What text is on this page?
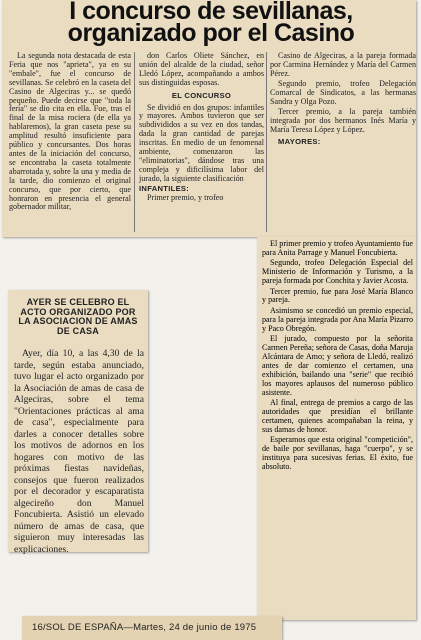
I concurso de sevillanas, organizado por el Casino

La segunda nota destacada de esta Feria que nos "aprieta", ya en su "embale", fue el concurso de sevillanas. Se celebró en la caseta del Casino de Algeciras y... se quedó pequeño. Puede decirse que "toda la feria" se dio cita en ella. Fue, tras el final de la misa rociera (de ella ya hablaremos), la gran caseta pese su amplitud resultó insuficiente para público y concursantes. Dos horas antes de la iniciación del concurso, se encontraba la caseta totalmente abarrotada y, sobre la una y media de la tarde, dio comienzo el original concurso, que por cierto, que honraron en presencia el general gobernador militar,

don Carlos Oliete Sánchez, en unión del alcalde de la ciudad, señor Lledó López, acompañando a ambos sus distinguidas esposas.

EL CONCURSO

Se dividió en dos grupos: infantiles y mayores. Ambos tuvieron que ser subdivididos a su vez en dos tandas, dada la gran cantidad de parejas inscritas. En medio de un fenomenal ambiente, comenzaron las "eliminatorias", dándose tras una compleja y dificilísima labor del jurado, la siguiente clasificación

INFANTILES:

Primer premio, y trofeo

Casino de Algeciras, a la pareja formada por Carmina Hernández y María del Carmen Pérez.

Segundo premio, trofeo Delegación Comarcal de Sindicatos, a las hermanas Sandra y Olga Pozo.

Tercer premio, a la pareja también integrada por dos hermanos Inés María y María Teresa López y López.

MAYORES:

El primer premio y trofeo Ayuntamiento fue para Anita Parrage y Manuel Foncubierta.

Segundo, trofeo Delegación Especial del Ministerio de Información y Turismo, a la pareja formada por Conchita y Javier Acosta.

Tercer premio, fue para José María Blanco y pareja.

Asimismo se concedió un premio especial, para la pareja integrada por Ana María Pizarro y Paco Obregón.

El jurado, compuesto por la señorita Carmen Pereña; señora de Casas, doña Maruja Alcántara de Amo; y señora de Lledó, realizó antes de dar comienzo el certamen, una exhibición, bailando una "serie" que recibió los mayores aplausos del numeroso público asistente.

Al final, entrega de premios a cargo de las autoridades que presidían el brillante certamen, quienes acompañaban la reina, y sus damas de honor.

Esperamos que esta original "competición", de baile por sevillanas, haga "cuerpo", y se instituya para sucesivas ferias. El éxito, fue absoluto.

AYER SE CELEBRO EL ACTO ORGANIZADO POR LA ASOCIACION DE AMAS DE CASA

Ayer, día 10, a las 4,30 de la tarde, según estaba anunciado, tuvo lugar el acto organizado por la Asociación de amas de casa de Algeciras, sobre el tema "Orientaciones prácticas al ama de casa", especialmente para darles a conocer detalles sobre los motivos de adornos en los hogares con motivo de las próximas fiestas navideñas, consejos que fueron realizados por el decorador y escaparatista algecireño don Manuel Foncubierta. Asistió un elevado número de amas de casa, que siguieron muy interesadas las explicaciones.

16/SOL DE ESPAÑA—Martes, 24 de junio de 1975
